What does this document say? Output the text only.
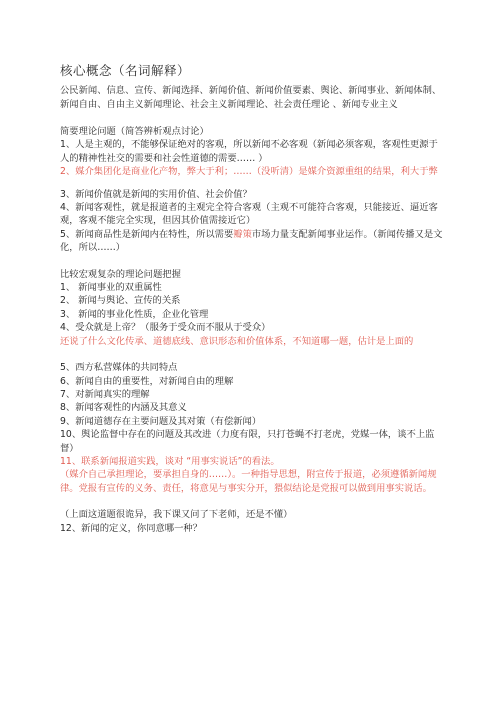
核心概念（名词解释）

公民新闻、信息、宣传、新闻选择、新闻价值、新闻价值要素、舆论、新闻事业、新闻体制、新闻自由、自由主义新闻理论、社会主义新闻理论、社会责任理论 、新闻专业主义

简要理论问题（简答辨析观点讨论）

1、人是主观的，不能够保证绝对的客观，所以新闻不必客观（新闻必须客观，客观性更源于人的精神性社交的需要和社会性道德的需要…… ）

2、媒介集团化是商业化产物，弊大于利；……（没听清）是媒介资源重组的结果，利大于弊

3、新闻价值就是新闻的实用价值、社会价值？

4、新闻客观性，就是报道者的主观完全符合客观（主观不可能符合客观，只能接近、逼近客观，客观不能完全实现，但因其价值需接近它）

5、新闻商品性是新闻内在特性，所以需要瓣策市场力量支配新闻事业运作。（新闻传播又是文化，所以……）

比较宏观复杂的理论问题把握

1、 新闻事业的双重属性

2、 新闻与舆论、宣传的关系

3、 新闻的事业化性质，企业化管理

4、受众就是上帝？（服务于受众而不服从于受众）

还说了什么文化传承、道德底线、意识形态和价值体系，不知道哪一题，估计是上面的

5、西方私营媒体的共同特点

6、新闻自由的重要性，对新闻自由的理解

7、对新闻真实的理解

8、新闻客观性的内涵及其意义

9、新闻道德存在主要问题及其对策（有偿新闻）

10、舆论监督中存在的问题及其改进（力度有限，只打苍蝇不打老虎，党媒一体，谈不上监督）

11、联系新闻报道实践，谈对 “用事实说话”的看法。

（媒介自己承担理论，要承担自身的……）。一种指导思想，附宣传于报道，必须遵循新闻规律。党报有宣传的义务、责任，将意见与事实分开，猥似结论是党报可以做到用事实说话。

（上面这道题很诡异，我下课又问了下老师，还是不懂）

12、新闻的定义，你同意哪一种？
